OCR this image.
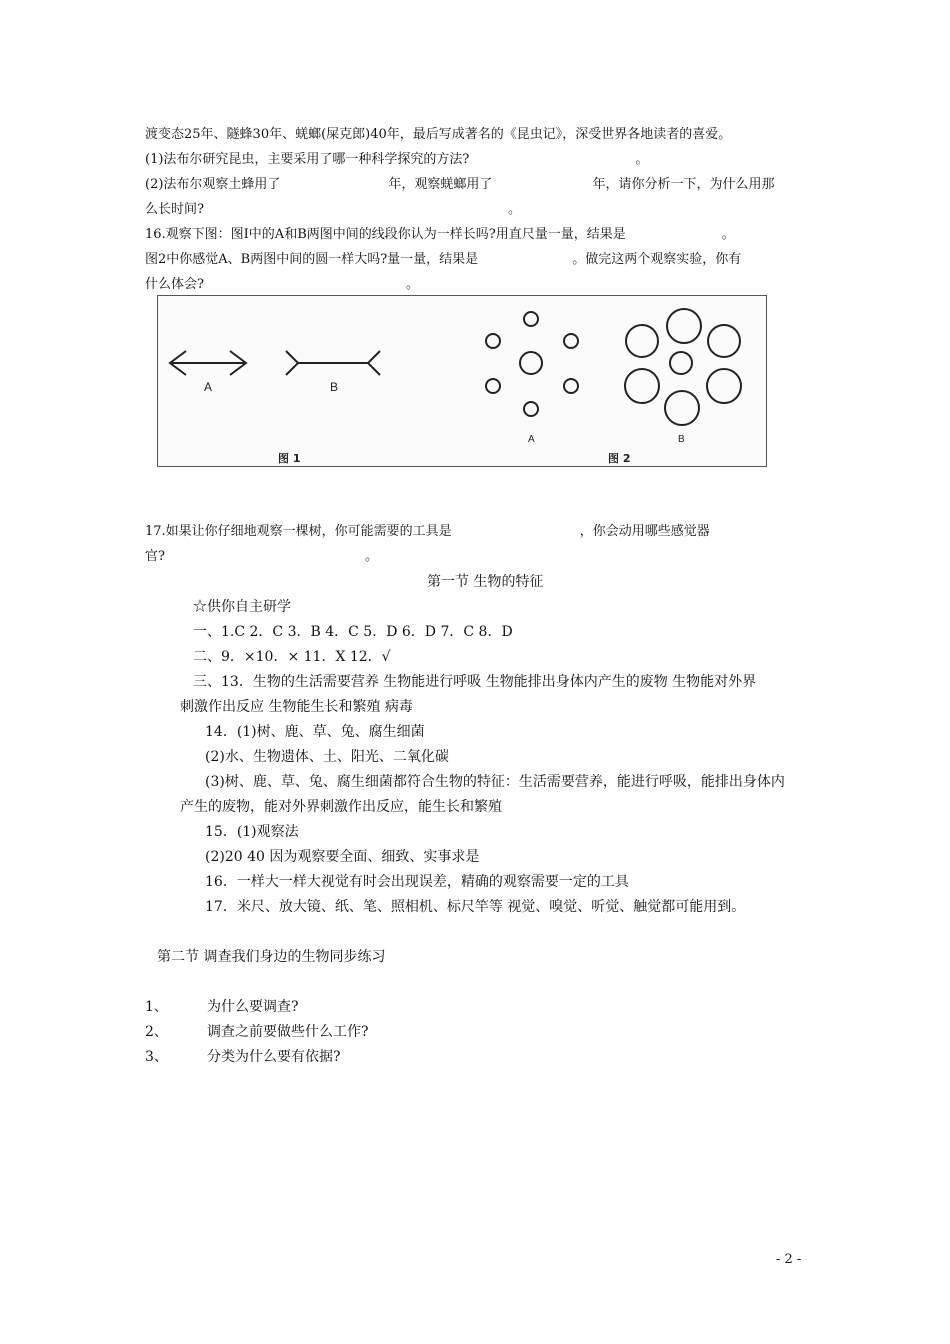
渡变态25年、隧蜂30年、蜣螂(屎克郎)40年，最后写成著名的《昆虫记》，深受世界各地读者的喜爱。
(1)法布尔研究昆虫，主要采用了哪一种科学探究的方法?	。
(2)法布尔观察土蜂用了	年，观察蜣螂用了	年，请你分析一下，为什么用那
么长时间?	。
16.观察下图：图Ⅰ中的A和B两图中间的线段你认为一样长吗?用直尺量一量，结果是	。
图2中你感觉A、B两图中间的圆一样大吗?量一量，结果是	。做完这两个观察实验，你有
什么体会?	。
A	B
A	B
图 1	图 2
17.如果让你仔细地观察一棵树，你可能需要的工具是	，你会动用哪些感觉器
官?	。
第一节 生物的特征
☆供你自主研学
一、1.C 2．C 3．B 4．C 5．D 6．D 7．C 8．D
二、9．×10．× 11．X 12．√
三、13．生物的生活需要营养 生物能进行呼吸 生物能排出身体内产生的废物 生物能对外界
刺激作出反应 生物能生长和繁殖 病毒
14．(1)树、鹿、草、兔、腐生细菌
(2)水、生物遗体、土、阳光、二氧化碳
(3)树、鹿、草、兔、腐生细菌都符合生物的特征：生活需要营养，能进行呼吸，能排出身体内
产生的废物，能对外界刺激作出反应，能生长和繁殖
15．(1)观察法
(2)20 40 因为观察要全面、细致、实事求是
16．一样大一样大视觉有时会出现误差，精确的观察需要一定的工具
17．米尺、放大镜、纸、笔、照相机、标尺竿等 视觉、嗅觉、听觉、触觉都可能用到。
第二节 调查我们身边的生物同步练习
1、	为什么要调查?
2、	调查之前要做些什么工作?
3、	分类为什么要有依据?
- 2 -
